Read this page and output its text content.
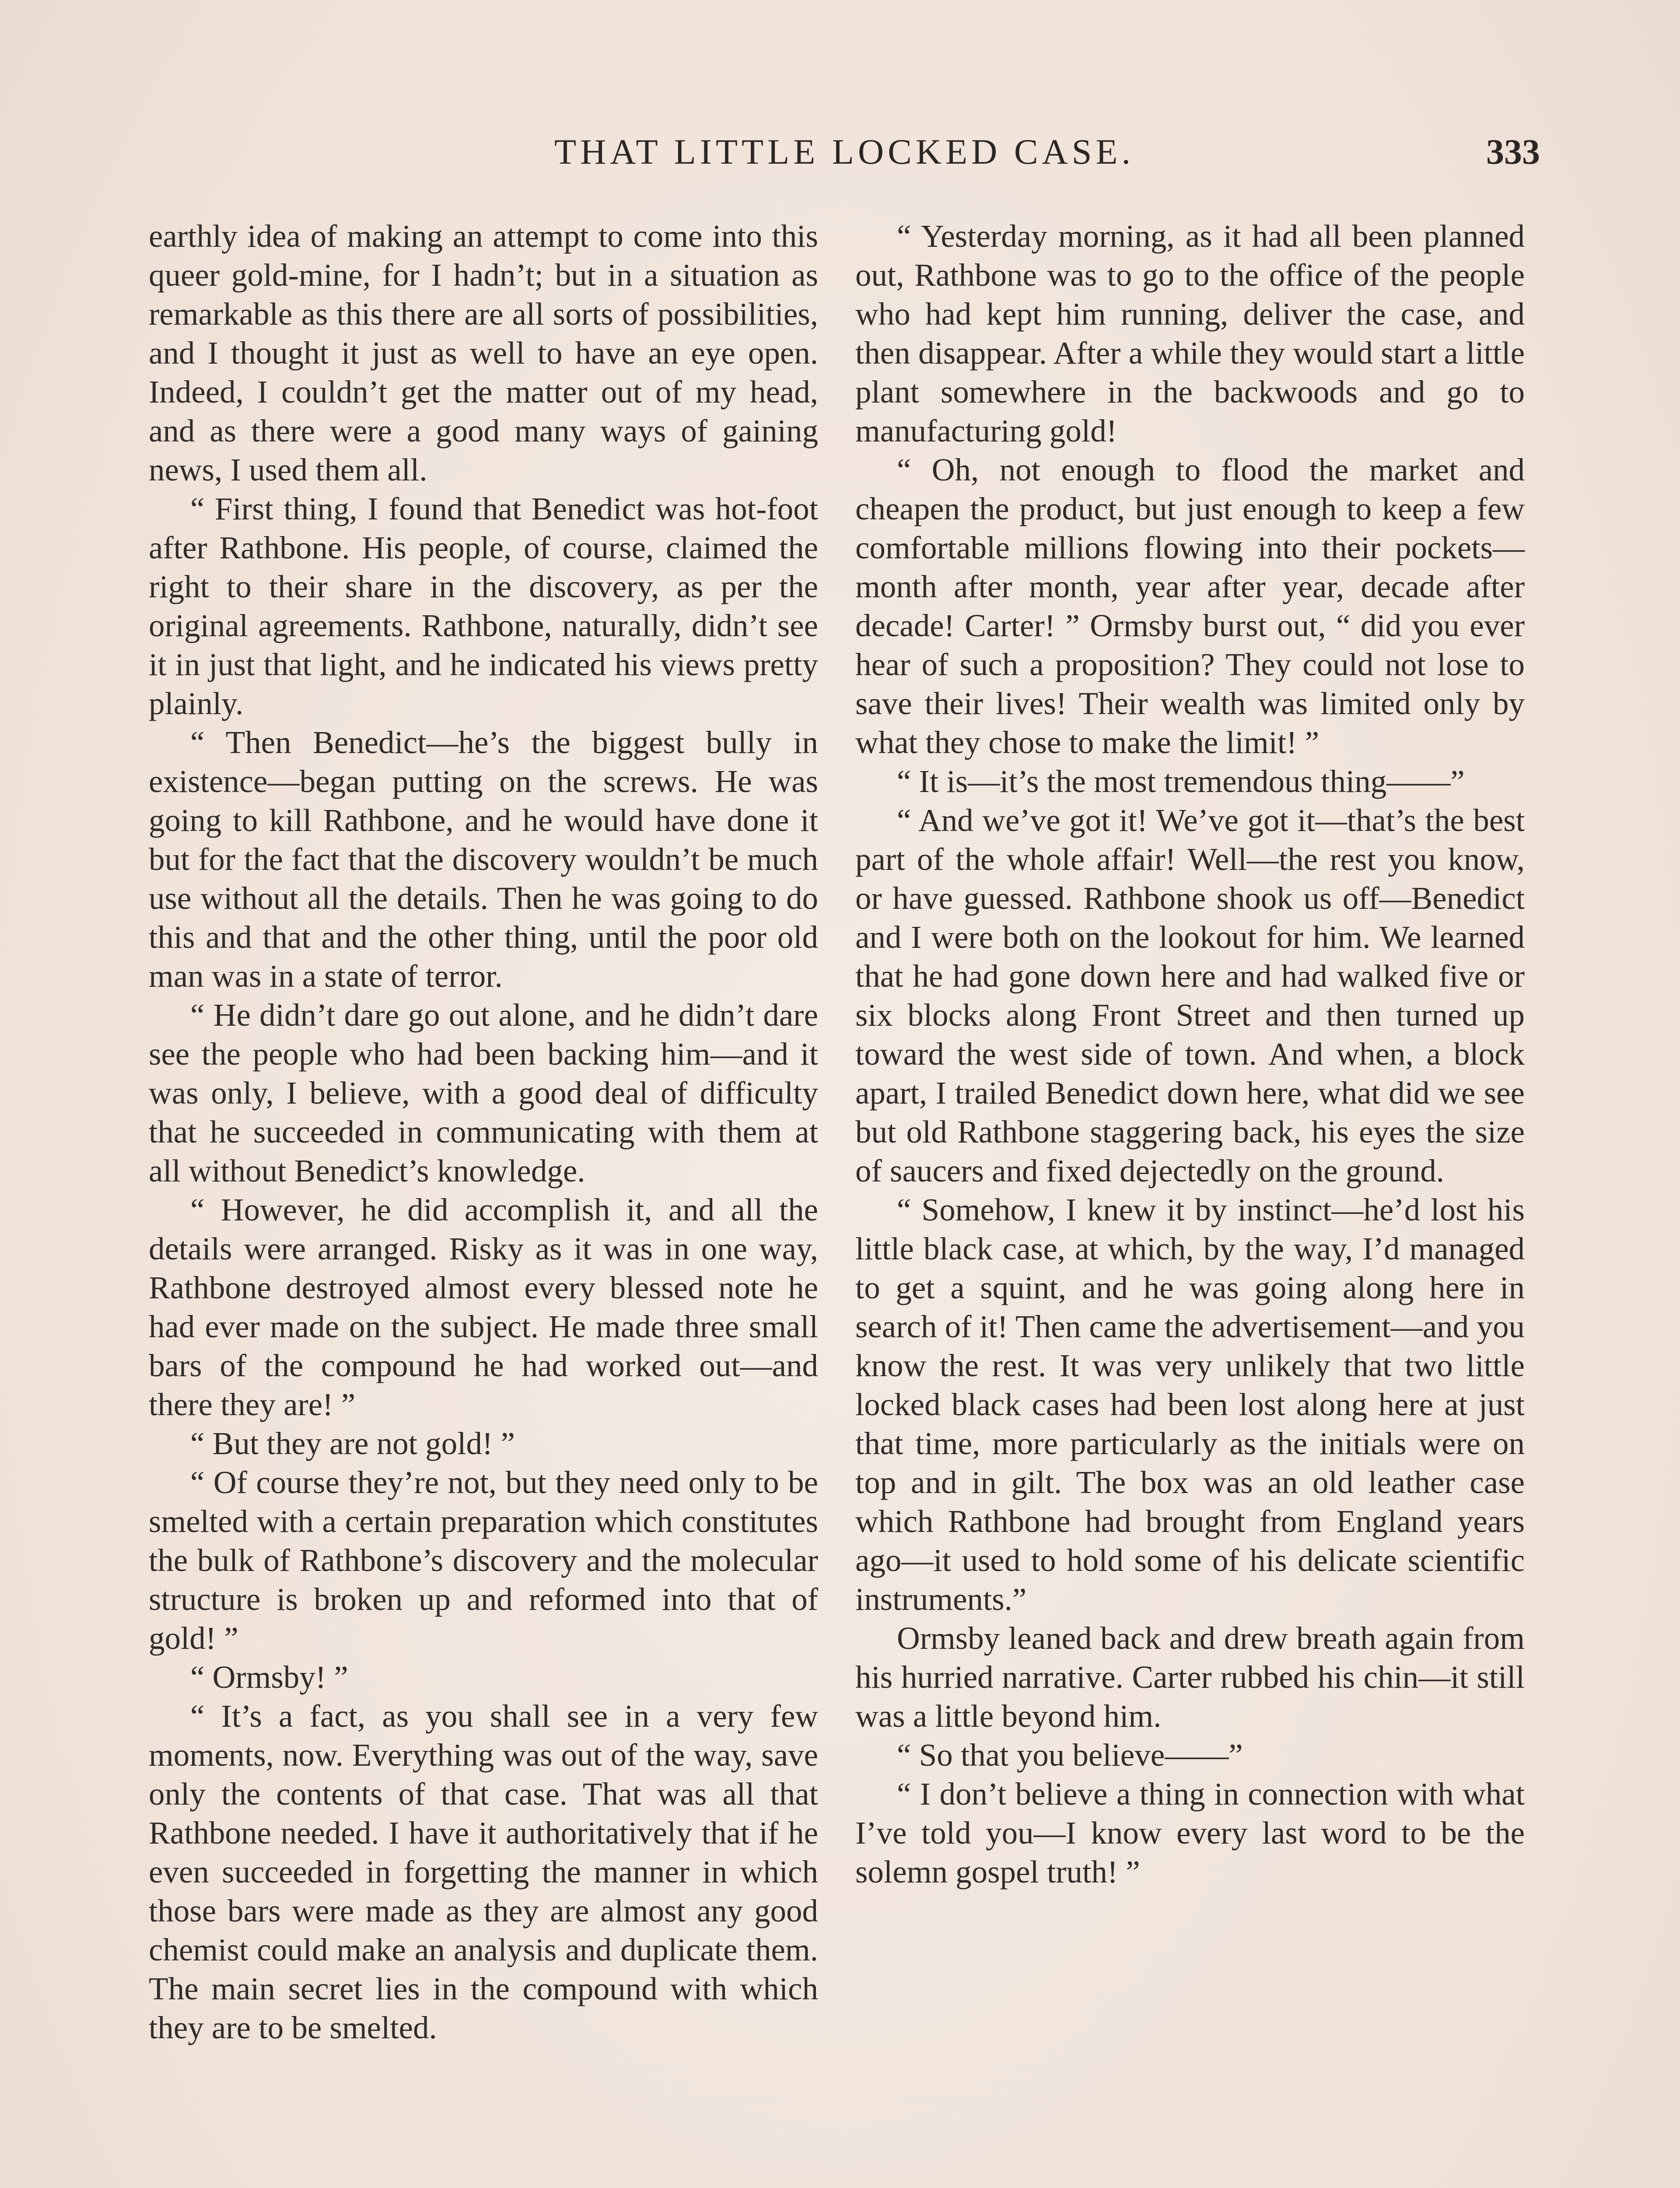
THAT LITTLE LOCKED CASE.	333

earthly idea of making an attempt to come into this queer gold-mine, for I hadn’t; but in a situation as remarkable as this there are all sorts of possibilities, and I thought it just as well to have an eye open. Indeed, I couldn’t get the matter out of my head, and as there were a good many ways of gaining news, I used them all.

“ First thing, I found that Benedict was hot-foot after Rathbone. His people, of course, claimed the right to their share in the discovery, as per the original agreements. Rathbone, naturally, didn’t see it in just that light, and he indicated his views pretty plainly.

“ Then Benedict—he’s the biggest bully in existence—began putting on the screws. He was going to kill Rathbone, and he would have done it but for the fact that the discovery wouldn’t be much use without all the details. Then he was going to do this and that and the other thing, until the poor old man was in a state of terror.

“ He didn’t dare go out alone, and he didn’t dare see the people who had been backing him—and it was only, I believe, with a good deal of difficulty that he succeeded in communicating with them at all without Benedict’s knowledge.

“ However, he did accomplish it, and all the details were arranged. Risky as it was in one way, Rathbone destroyed almost every blessed note he had ever made on the subject. He made three small bars of the compound he had worked out—and there they are! ”

“ But they are not gold! ”

“ Of course they’re not, but they need only to be smelted with a certain preparation which constitutes the bulk of Rathbone’s discovery and the molecular structure is broken up and reformed into that of gold! ”

“ Ormsby! ”

“ It’s a fact, as you shall see in a very few moments, now. Everything was out of the way, save only the contents of that case. That was all that Rathbone needed. I have it authoritatively that if he even succeeded in forgetting the manner in which those bars were made as they are almost any good chemist could make an analysis and duplicate them. The main secret lies in the compound with which they are to be smelted.

“ Yesterday morning, as it had all been planned out, Rathbone was to go to the office of the people who had kept him running, deliver the case, and then disappear. After a while they would start a little plant somewhere in the backwoods and go to manufacturing gold!

“ Oh, not enough to flood the market and cheapen the product, but just enough to keep a few comfortable millions flowing into their pockets—month after month, year after year, decade after decade! Carter! ” Ormsby burst out, “ did you ever hear of such a proposition? They could not lose to save their lives! Their wealth was limited only by what they chose to make the limit! ”

“ It is—it’s the most tremendous thing——”

“ And we’ve got it! We’ve got it—that’s the best part of the whole affair! Well—the rest you know, or have guessed. Rathbone shook us off—Benedict and I were both on the lookout for him. We learned that he had gone down here and had walked five or six blocks along Front Street and then turned up toward the west side of town. And when, a block apart, I trailed Benedict down here, what did we see but old Rathbone staggering back, his eyes the size of saucers and fixed dejectedly on the ground.

“ Somehow, I knew it by instinct—he’d lost his little black case, at which, by the way, I’d managed to get a squint, and he was going along here in search of it! Then came the advertisement—and you know the rest. It was very unlikely that two little locked black cases had been lost along here at just that time, more particularly as the initials were on top and in gilt. The box was an old leather case which Rathbone had brought from England years ago—it used to hold some of his delicate scientific instruments.”

Ormsby leaned back and drew breath again from his hurried narrative. Carter rubbed his chin—it still was a little beyond him.

“ So that you believe——”

“ I don’t believe a thing in connection with what I’ve told you—I know every last word to be the solemn gospel truth! ”
